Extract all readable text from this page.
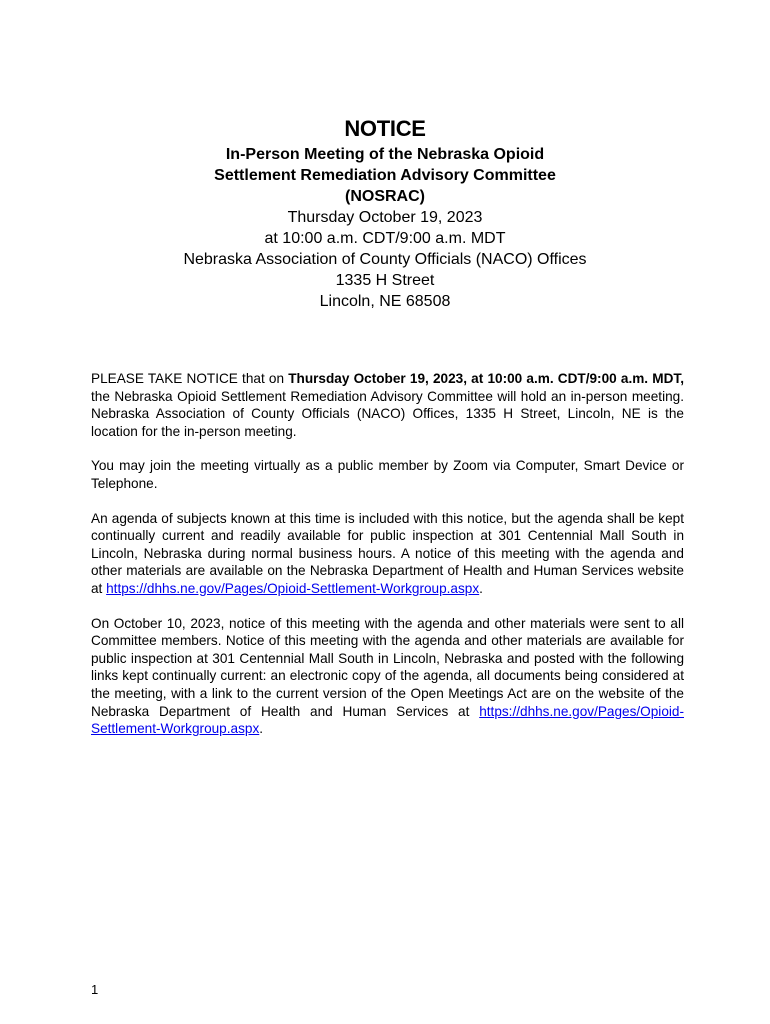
NOTICE
In-Person Meeting of the Nebraska Opioid
Settlement Remediation Advisory Committee
(NOSRAC)
Thursday October 19, 2023
at 10:00 a.m. CDT/9:00 a.m. MDT
Nebraska Association of County Officials (NACO) Offices
1335 H Street
Lincoln, NE 68508

PLEASE TAKE NOTICE that on Thursday October 19, 2023, at 10:00 a.m. CDT/9:00 a.m. MDT, the Nebraska Opioid Settlement Remediation Advisory Committee will hold an in-person meeting. Nebraska Association of County Officials (NACO) Offices, 1335 H Street, Lincoln, NE is the location for the in-person meeting.

You may join the meeting virtually as a public member by Zoom via Computer, Smart Device or Telephone.

An agenda of subjects known at this time is included with this notice, but the agenda shall be kept continually current and readily available for public inspection at 301 Centennial Mall South in Lincoln, Nebraska during normal business hours. A notice of this meeting with the agenda and other materials are available on the Nebraska Department of Health and Human Services website at https://dhhs.ne.gov/Pages/Opioid-Settlement-Workgroup.aspx.

On October 10, 2023, notice of this meeting with the agenda and other materials were sent to all Committee members. Notice of this meeting with the agenda and other materials are available for public inspection at 301 Centennial Mall South in Lincoln, Nebraska and posted with the following links kept continually current: an electronic copy of the agenda, all documents being considered at the meeting, with a link to the current version of the Open Meetings Act are on the website of the Nebraska Department of Health and Human Services at https://dhhs.ne.gov/Pages/Opioid-Settlement-Workgroup.aspx.

1
